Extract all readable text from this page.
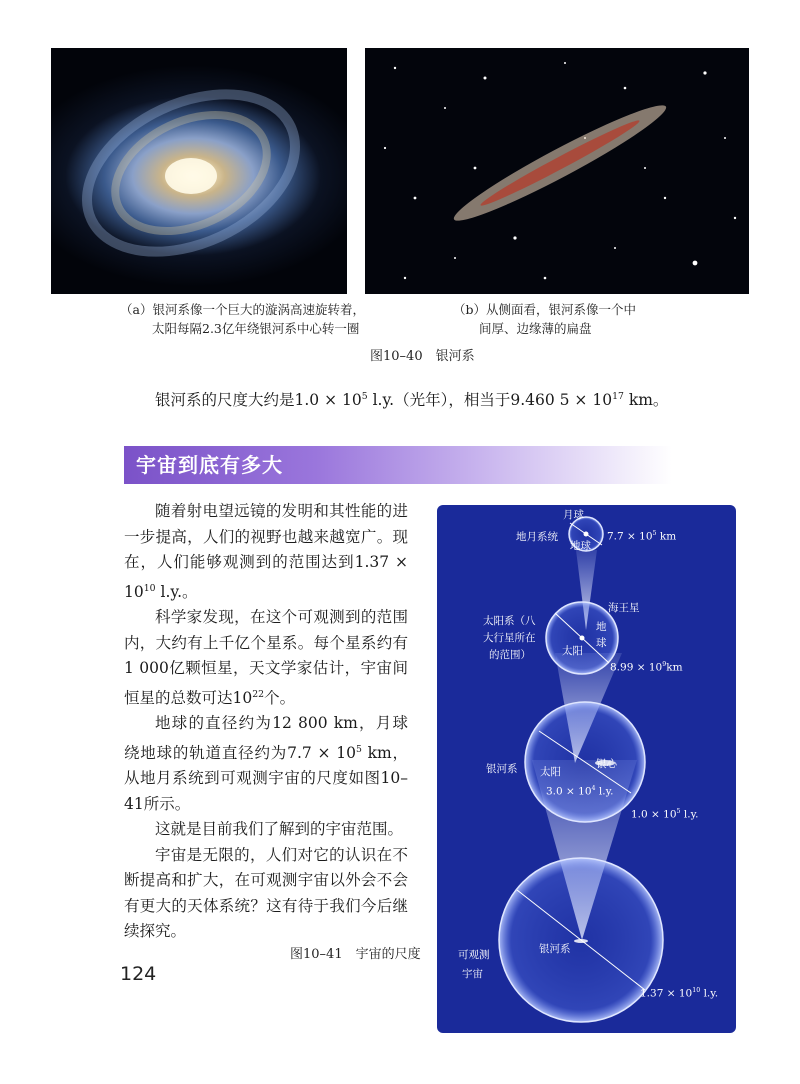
（a）银河系像一个巨大的漩涡高速旋转着，
太阳每隔2.3亿年绕银河系中心转一圈
（b）从侧面看，银河系像一个中
间厚、边缘薄的扁盘
图10–40　银河系
银河系的尺度大约是$1.0 \times 10^5$ l.y.（光年），相当于9.460 $5 \times 10^{17}$ km。
宇宙到底有多大

随着射电望远镜的发明和其性能的进一步提高，人们的视野也越来越宽广。现在，人们能够观测到的范围达到$1.37 \times 10^{10}$ l.y.。

科学家发现，在这个可观测到的范围内，大约有上千亿个星系。每个星系约有1 000亿颗恒星，天文学家估计，宇宙间恒星的总数可达$10^{22}$个。

地球的直径约为12 800 km，月球绕地球的轨道直径约为$7.7 \times 10^5$ km，从地月系统到可观测宇宙的尺度如图10–41所示。

这就是目前我们了解到的宇宙范围。

宇宙是无限的，人们对它的认识在不断提高和扩大，在可观测宇宙以外会不会有更大的天体系统？这有待于我们今后继续探究。

图10–41　宇宙的尺度
124
月球
地月系统
地球
$7.7 \times 10^5$ km
海王星
太阳系（八
大行星所在
的范围）
地
球
太阳
$8.99 \times 10^9km$
银河系 太阳
银心
$3.0 \times 10^4$ l.y.
$1.0 \times 10^5$ l.y.
可观测
宇宙
银河系
$1.37 \times 10^{10}$ l.y.
